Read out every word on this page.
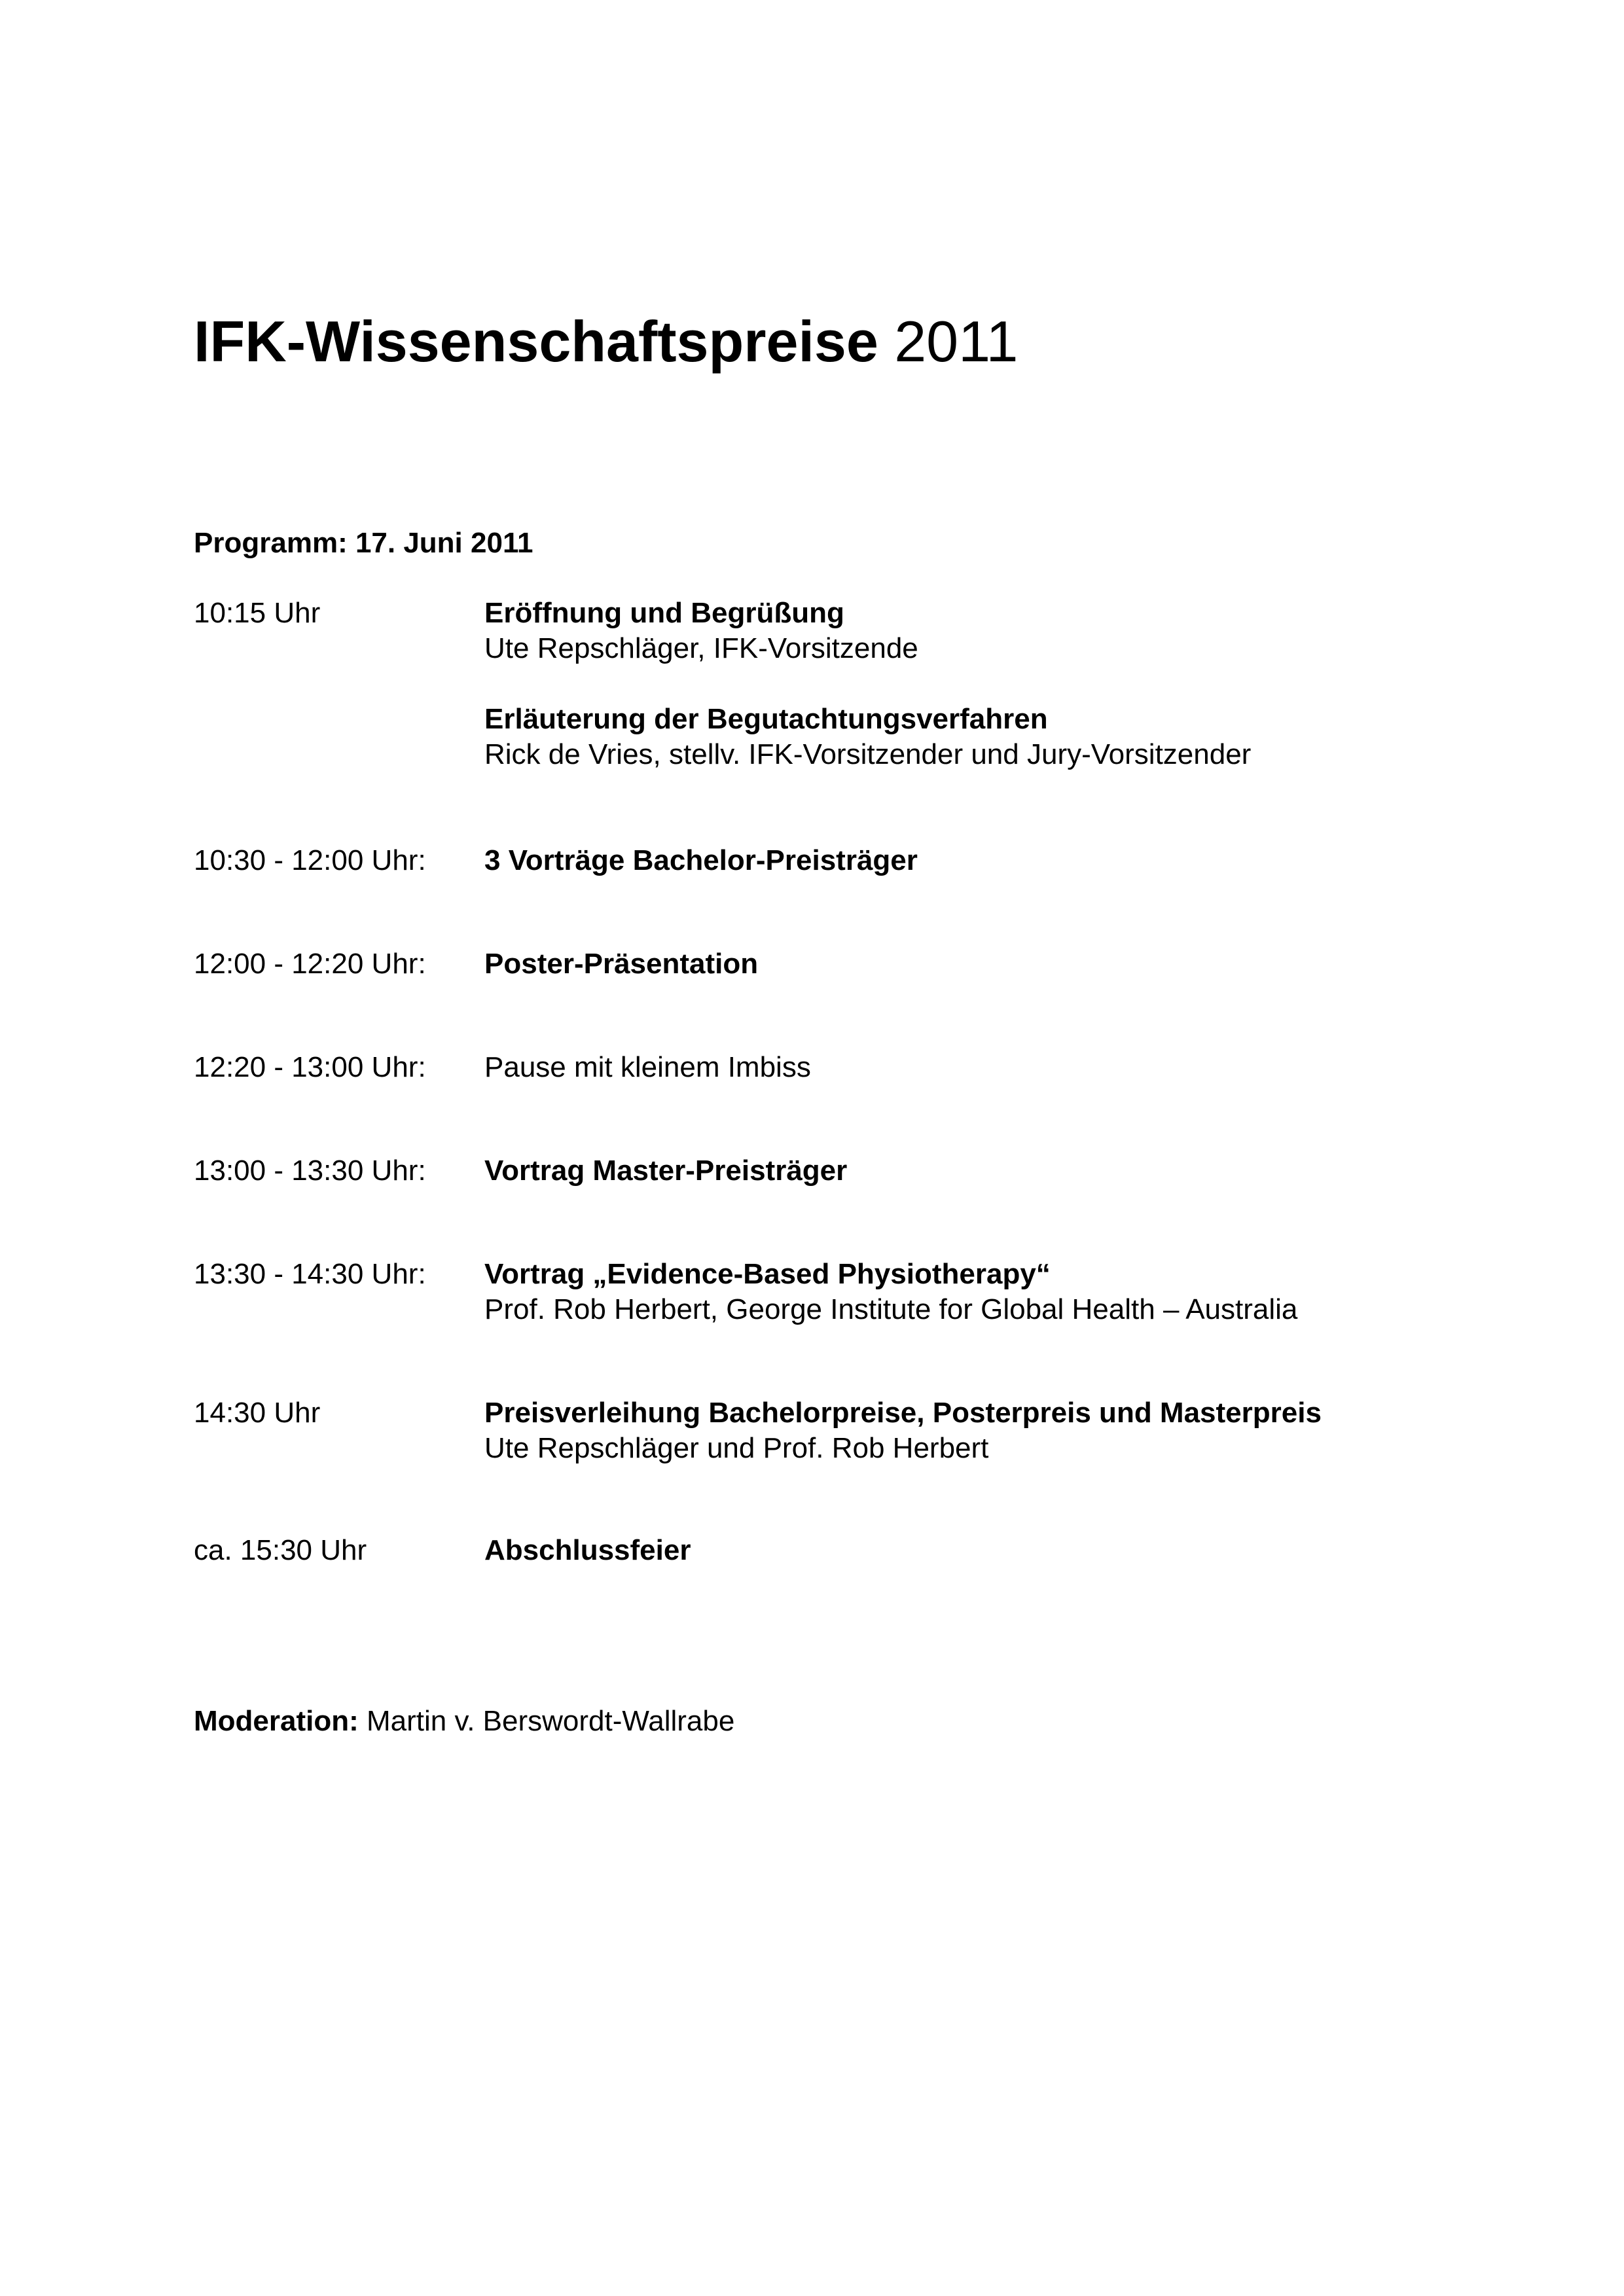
IFK-Wissenschaftspreise 2011
Programm: 17. Juni 2011
10:15 Uhr	Eröffnung und Begrüßung
Ute Repschläger, IFK-Vorsitzende
Erläuterung der Begutachtungsverfahren
Rick de Vries, stellv. IFK-Vorsitzender und Jury-Vorsitzender
10:30 - 12:00 Uhr: 3 Vorträge Bachelor-Preisträger
12:00 - 12:20 Uhr: Poster-Präsentation
12:20 - 13:00 Uhr: Pause mit kleinem Imbiss
13:00 - 13:30 Uhr: Vortrag Master-Preisträger
13:30 - 14:30 Uhr: Vortrag „Evidence-Based Physiotherapy“
Prof. Rob Herbert, George Institute for Global Health – Australia
14:30 Uhr	Preisverleihung Bachelorpreise, Posterpreis und Masterpreis
Ute Repschläger und Prof. Rob Herbert
ca. 15:30 Uhr	Abschlussfeier
Moderation: Martin v. Berswordt-Wallrabe
